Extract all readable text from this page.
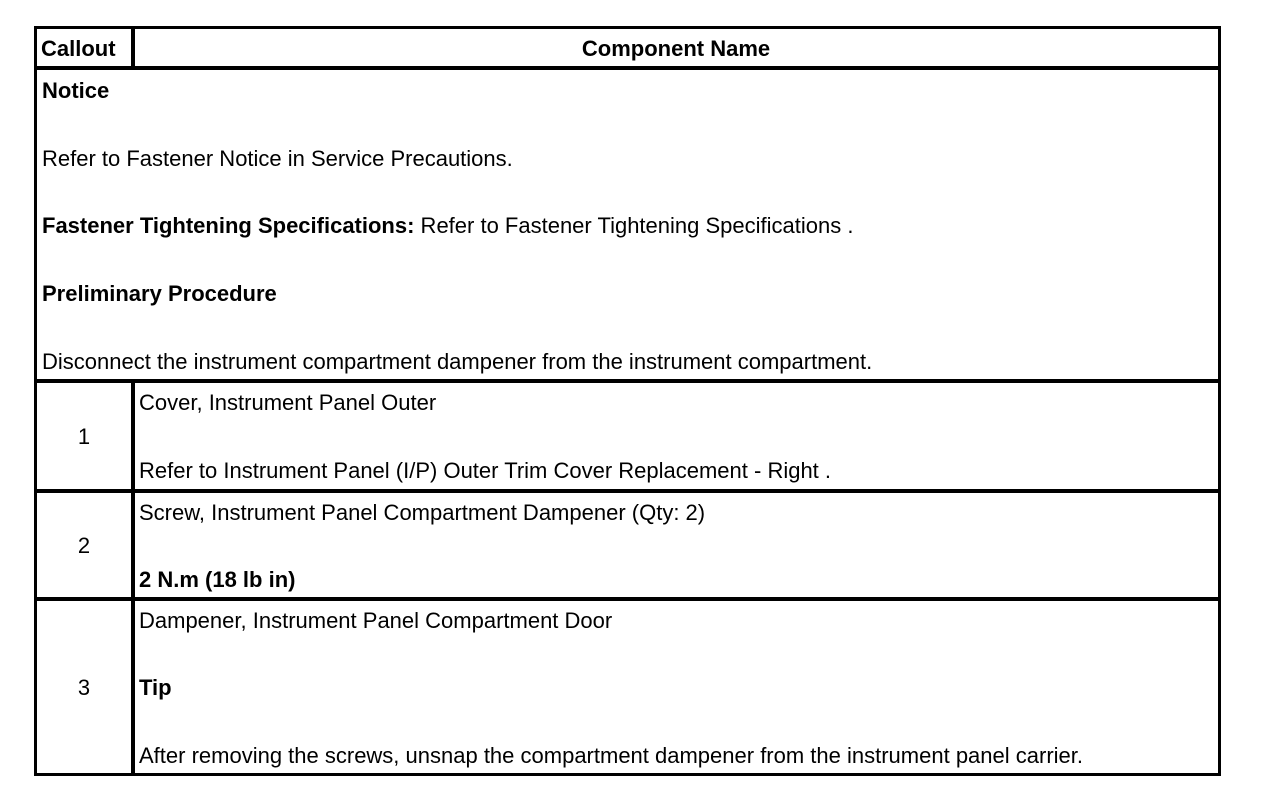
Callout	Component Name
Notice
Refer to Fastener Notice in Service Precautions.
Fastener Tightening Specifications: Refer to Fastener Tightening Specifications .
Preliminary Procedure
Disconnect the instrument compartment dampener from the instrument compartment.
1
Cover, Instrument Panel Outer
Refer to Instrument Panel (I/P) Outer Trim Cover Replacement - Right .
2
Screw, Instrument Panel Compartment Dampener (Qty: 2)
2 N.m (18 lb in)
3
Dampener, Instrument Panel Compartment Door
Tip
After removing the screws, unsnap the compartment dampener from the instrument panel carrier.
